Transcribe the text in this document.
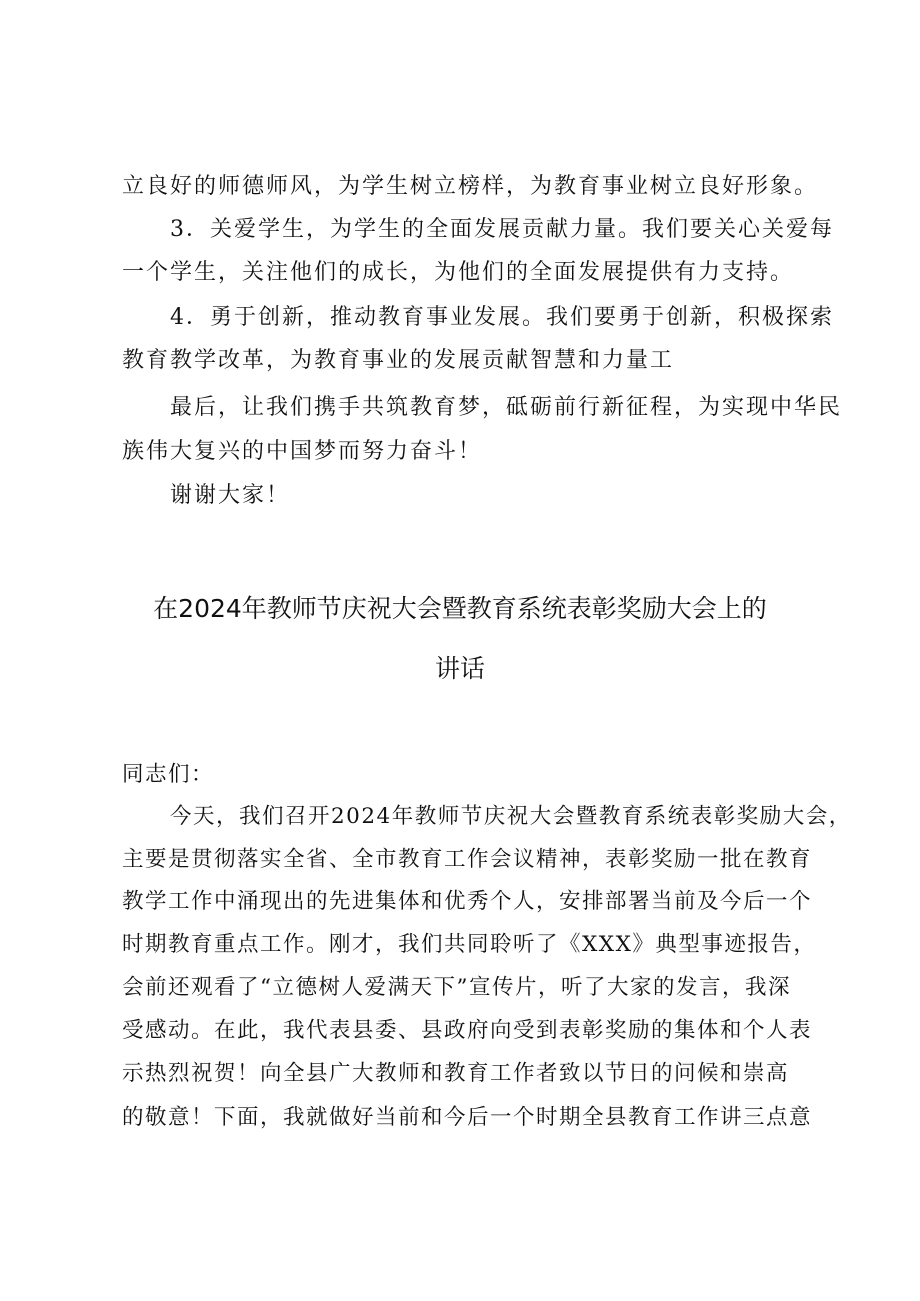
立良好的师德师风，为学生树立榜样，为教育事业树立良好形象。
3．关爱学生，为学生的全面发展贡献力量。我们要关心关爱每
一个学生，关注他们的成长，为他们的全面发展提供有力支持。
4．勇于创新，推动教育事业发展。我们要勇于创新，积极探索
教育教学改革，为教育事业的发展贡献智慧和力量工
最后，让我们携手共筑教育梦，砥砺前行新征程，为实现中华民
族伟大复兴的中国梦而努力奋斗！
谢谢大家！
在2024年教师节庆祝大会暨教育系统表彰奖励大会上的
讲话
同志们：
今天，我们召开2024年教师节庆祝大会暨教育系统表彰奖励大会，
主要是贯彻落实全省、全市教育工作会议精神，表彰奖励一批在教育
教学工作中涌现出的先进集体和优秀个人，安排部署当前及今后一个
时期教育重点工作。刚才，我们共同聆听了《XXX》典型事迹报告，
会前还观看了“立德树人爱满天下”宣传片，听了大家的发言，我深
受感动。在此，我代表县委、县政府向受到表彰奖励的集体和个人表
示热烈祝贺！向全县广大教师和教育工作者致以节日的问候和崇高
的敬意！下面，我就做好当前和今后一个时期全县教育工作讲三点意
